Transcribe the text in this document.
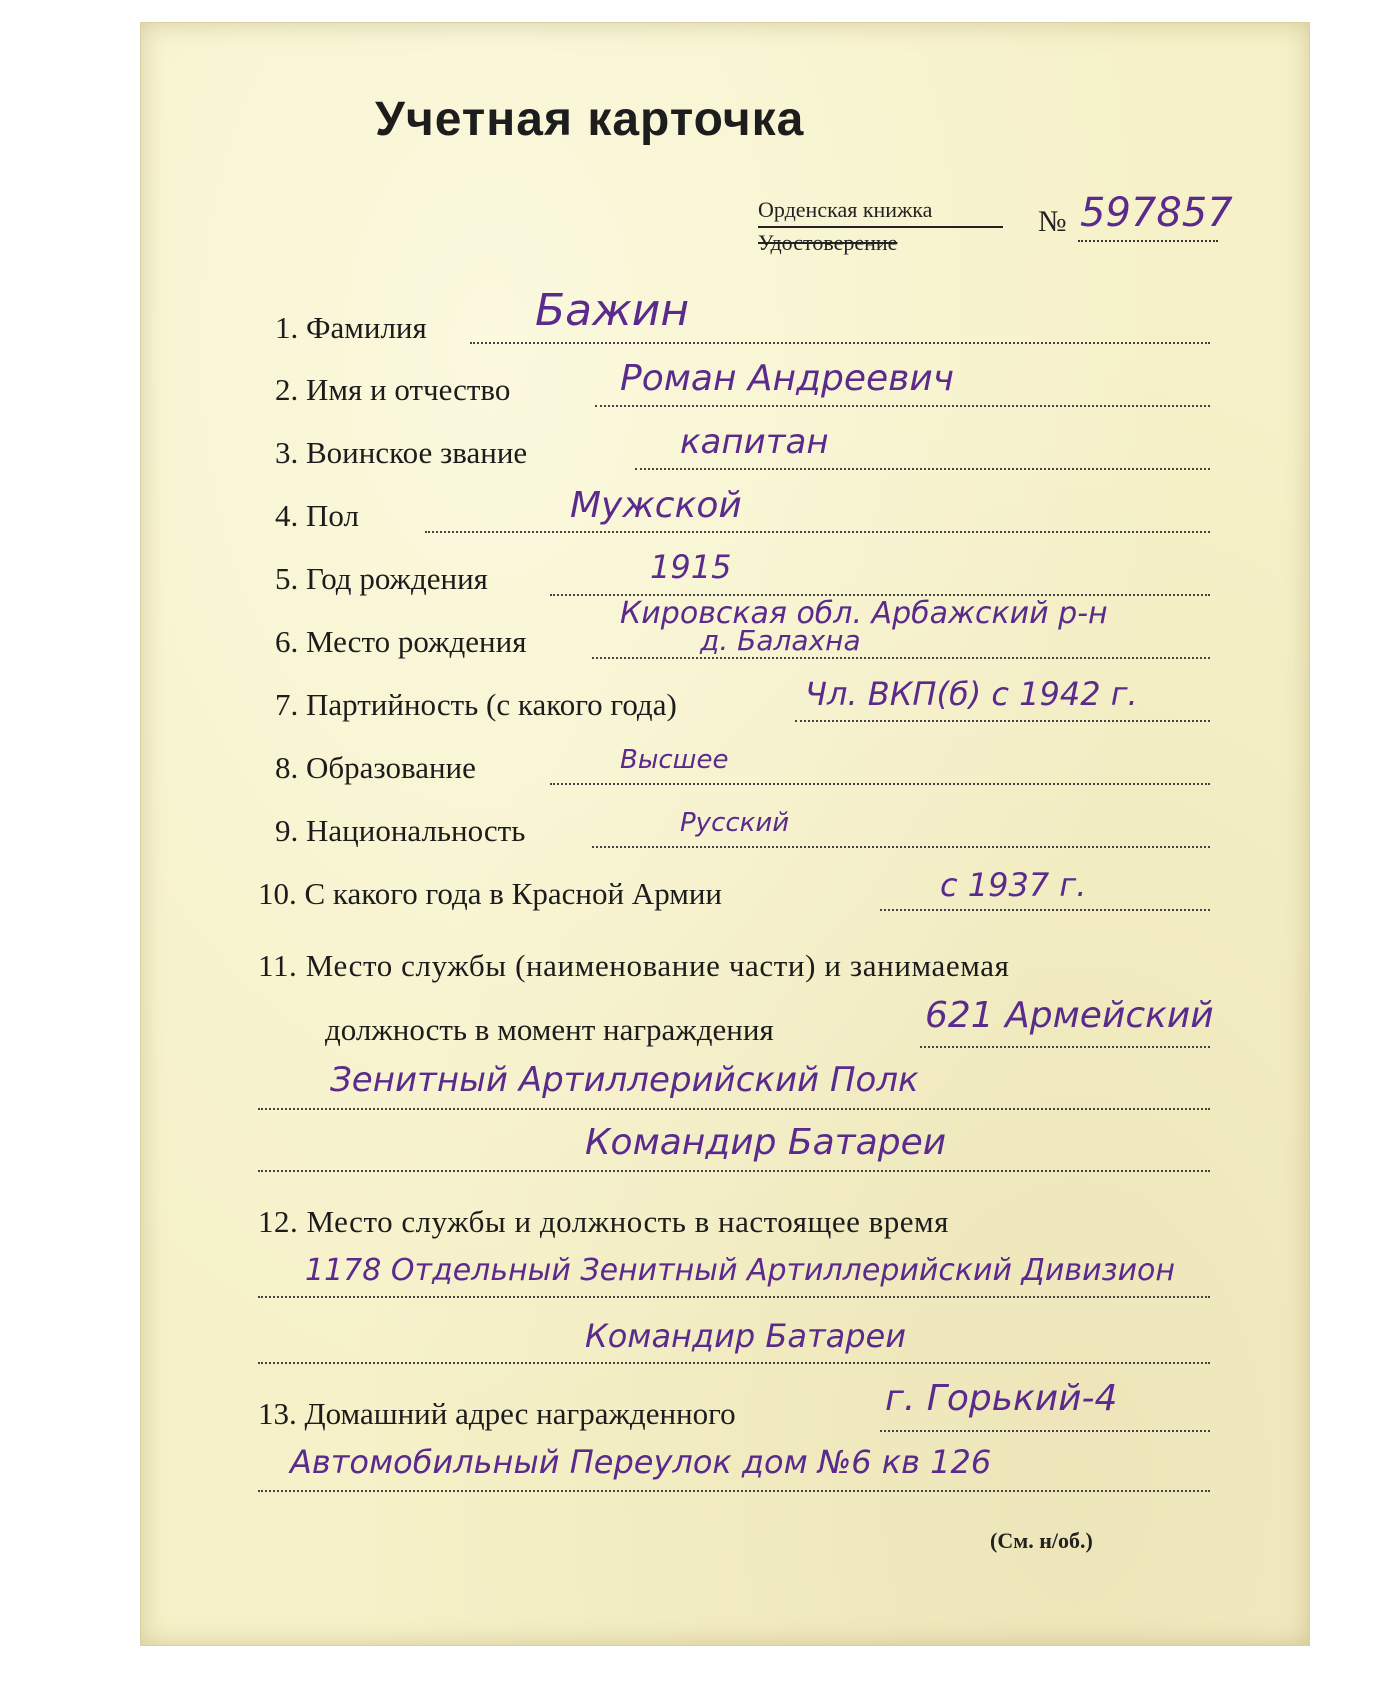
Учетная карточка
Орденская книжка
Удостоверение
№ 597857
1. Фамилия Бажин
2. Имя и отчество	Роман Андреевич
3. Воинское звание	капитан
4. Пол	Мужской
5. Год рождения	1915
6. Место рождения
Кировская обл. Арбажский р-н
д. Балахна
7. Партийность (с какого года)	Чл. ВКП(б) с 1942 г.
8. Образование	Высшее
9. Национальность	Русский
10. С какого года в Красной Армии	с 1937 г.
11. Место службы (наименование части) и занимаемая
должность в момент награждения	621 Армейский
Зенитный Артиллерийский Полк
Командир Батареи
12. Место службы и должность в настоящее время
1178 Отдельный Зенитный Артиллерийский Дивизион
Командир Батареи
13. Домашний адрес награжденного	г. Горький-4
Автомобильный Переулок дом №6 кв 126
(См. н/об.)
